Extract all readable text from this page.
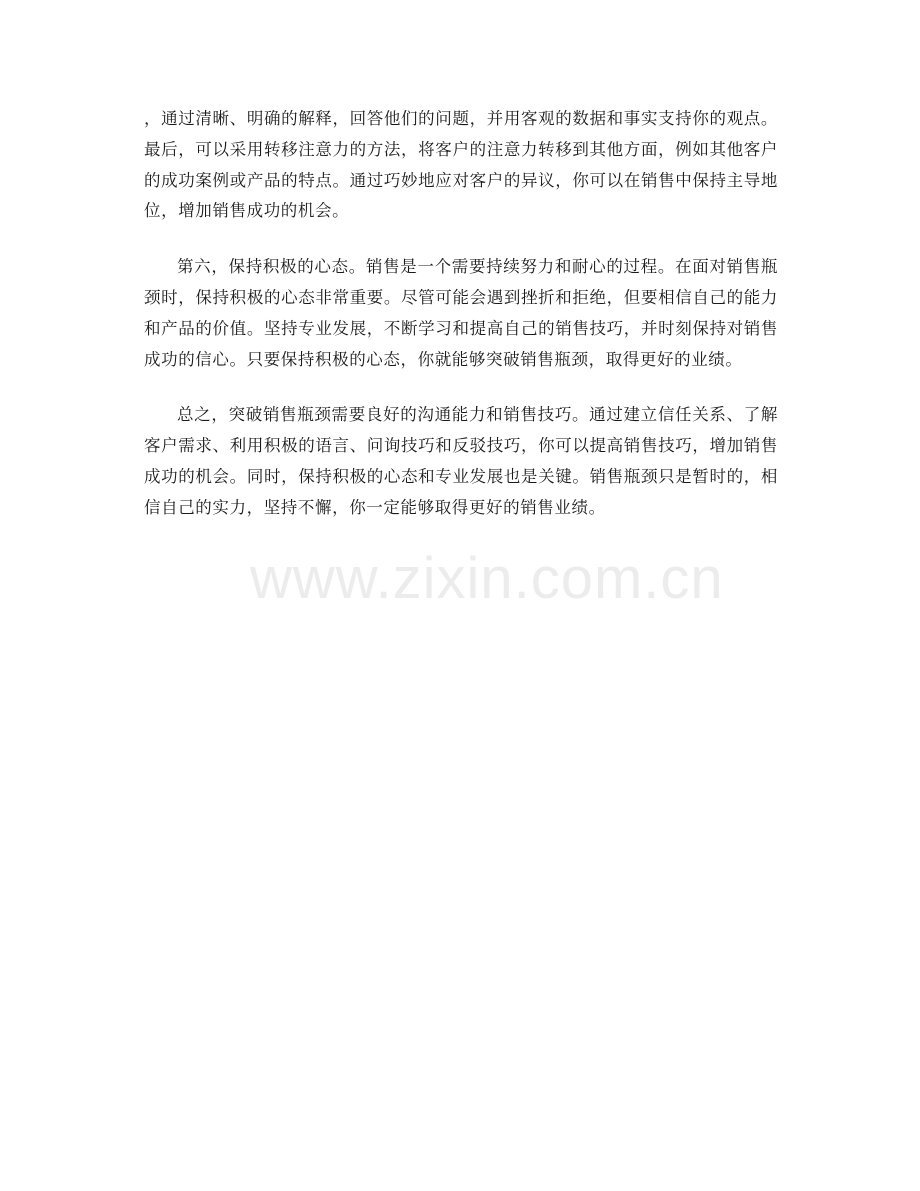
，通过清晰、明确的解释，回答他们的问题，并用客观的数据和事实支持你的观点。最后，可以采用转移注意力的方法，将客户的注意力转移到其他方面，例如其他客户的成功案例或产品的特点。通过巧妙地应对客户的异议，你可以在销售中保持主导地位，增加销售成功的机会。

第六，保持积极的心态。销售是一个需要持续努力和耐心的过程。在面对销售瓶颈时，保持积极的心态非常重要。尽管可能会遇到挫折和拒绝，但要相信自己的能力和产品的价值。坚持专业发展，不断学习和提高自己的销售技巧，并时刻保持对销售成功的信心。只要保持积极的心态，你就能够突破销售瓶颈，取得更好的业绩。

总之，突破销售瓶颈需要良好的沟通能力和销售技巧。通过建立信任关系、了解客户需求、利用积极的语言、问询技巧和反驳技巧，你可以提高销售技巧，增加销售成功的机会。同时，保持积极的心态和专业发展也是关键。销售瓶颈只是暂时的，相信自己的实力，坚持不懈，你一定能够取得更好的销售业绩。

www.zixin.com.cn
